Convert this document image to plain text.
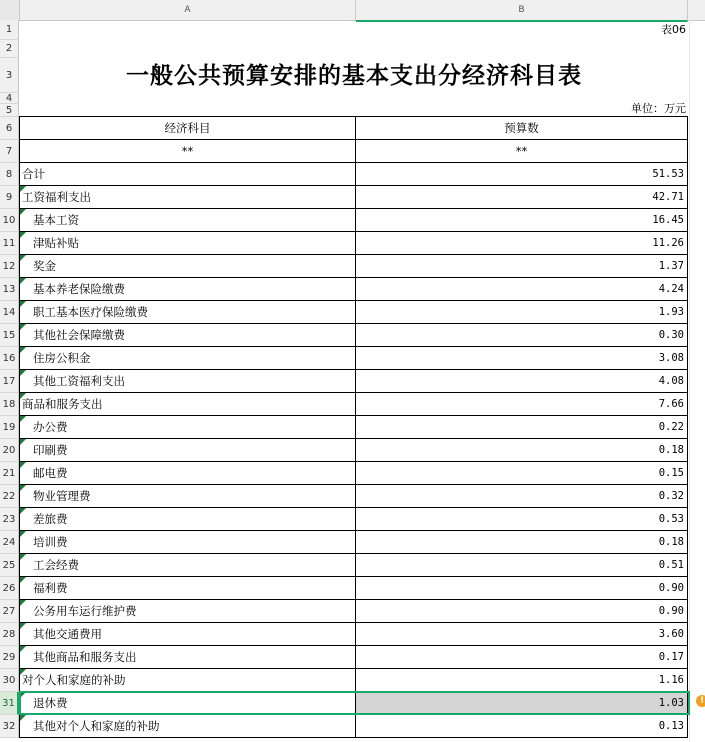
A	B
1
2
3
4
5
6
7
8
9
10
11
12
13
14
15
16
17
18
19
20
21
22
23
24
25
26
27
28
29
30
31
32
表06
一般公共预算安排的基本支出分经济科目表
单位：万元
经济科目	预算数
**	**
合计	51.53
工资福利支出	42.71
基本工资	16.45
津贴补贴	11.26
奖金	1.37
基本养老保险缴费	4.24
职工基本医疗保险缴费	1.93
其他社会保障缴费	0.30
住房公积金	3.08
其他工资福利支出	4.08
商品和服务支出	7.66
办公费	0.22
印刷费	0.18
邮电费	0.15
物业管理费	0.32
差旅费	0.53
培训费	0.18
工会经费	0.51
福利费	0.90
公务用车运行维护费	0.90
其他交通费用	3.60
其他商品和服务支出	0.17
对个人和家庭的补助	1.16
退休费	1.03
其他对个人和家庭的补助	0.13
!
